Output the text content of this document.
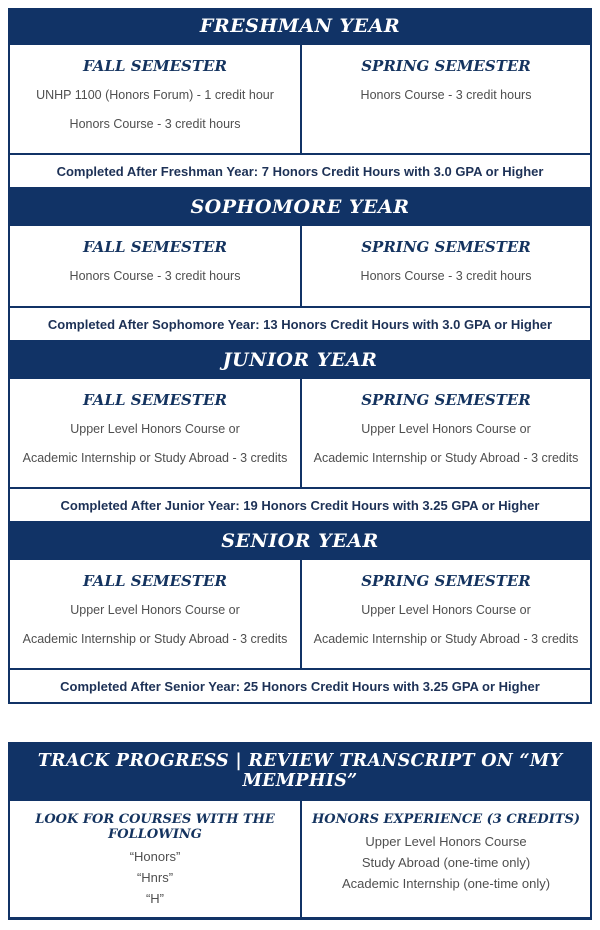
FRESHMAN YEAR
FALL SEMESTER

UNHP 1100 (Honors Forum) - 1 credit hour

Honors Course - 3 credit hours

SPRING SEMESTER

Honors Course - 3 credit hours

Completed After Freshman Year: 7 Honors Credit Hours with 3.0 GPA or Higher
SOPHOMORE YEAR
FALL SEMESTER

Honors Course - 3 credit hours

SPRING SEMESTER

Honors Course - 3 credit hours

Completed After Sophomore Year: 13 Honors Credit Hours with 3.0 GPA or Higher
JUNIOR YEAR
FALL SEMESTER

Upper Level Honors Course or

Academic Internship or Study Abroad - 3 credits

SPRING SEMESTER

Upper Level Honors Course or

Academic Internship or Study Abroad - 3 credits

Completed After Junior Year: 19 Honors Credit Hours with 3.25 GPA or Higher
SENIOR YEAR
FALL SEMESTER

Upper Level Honors Course or

Academic Internship or Study Abroad - 3 credits

SPRING SEMESTER

Upper Level Honors Course or

Academic Internship or Study Abroad - 3 credits

Completed After Senior Year: 25 Honors Credit Hours with 3.25 GPA or Higher
TRACK PROGRESS | REVIEW TRANSCRIPT ON “MY MEMPHIS”
LOOK FOR COURSES WITH THE FOLLOWING

“Honors”

“Hnrs”

“H”

HONORS EXPERIENCE (3 CREDITS)

Upper Level Honors Course

Study Abroad (one-time only)

Academic Internship (one-time only)
